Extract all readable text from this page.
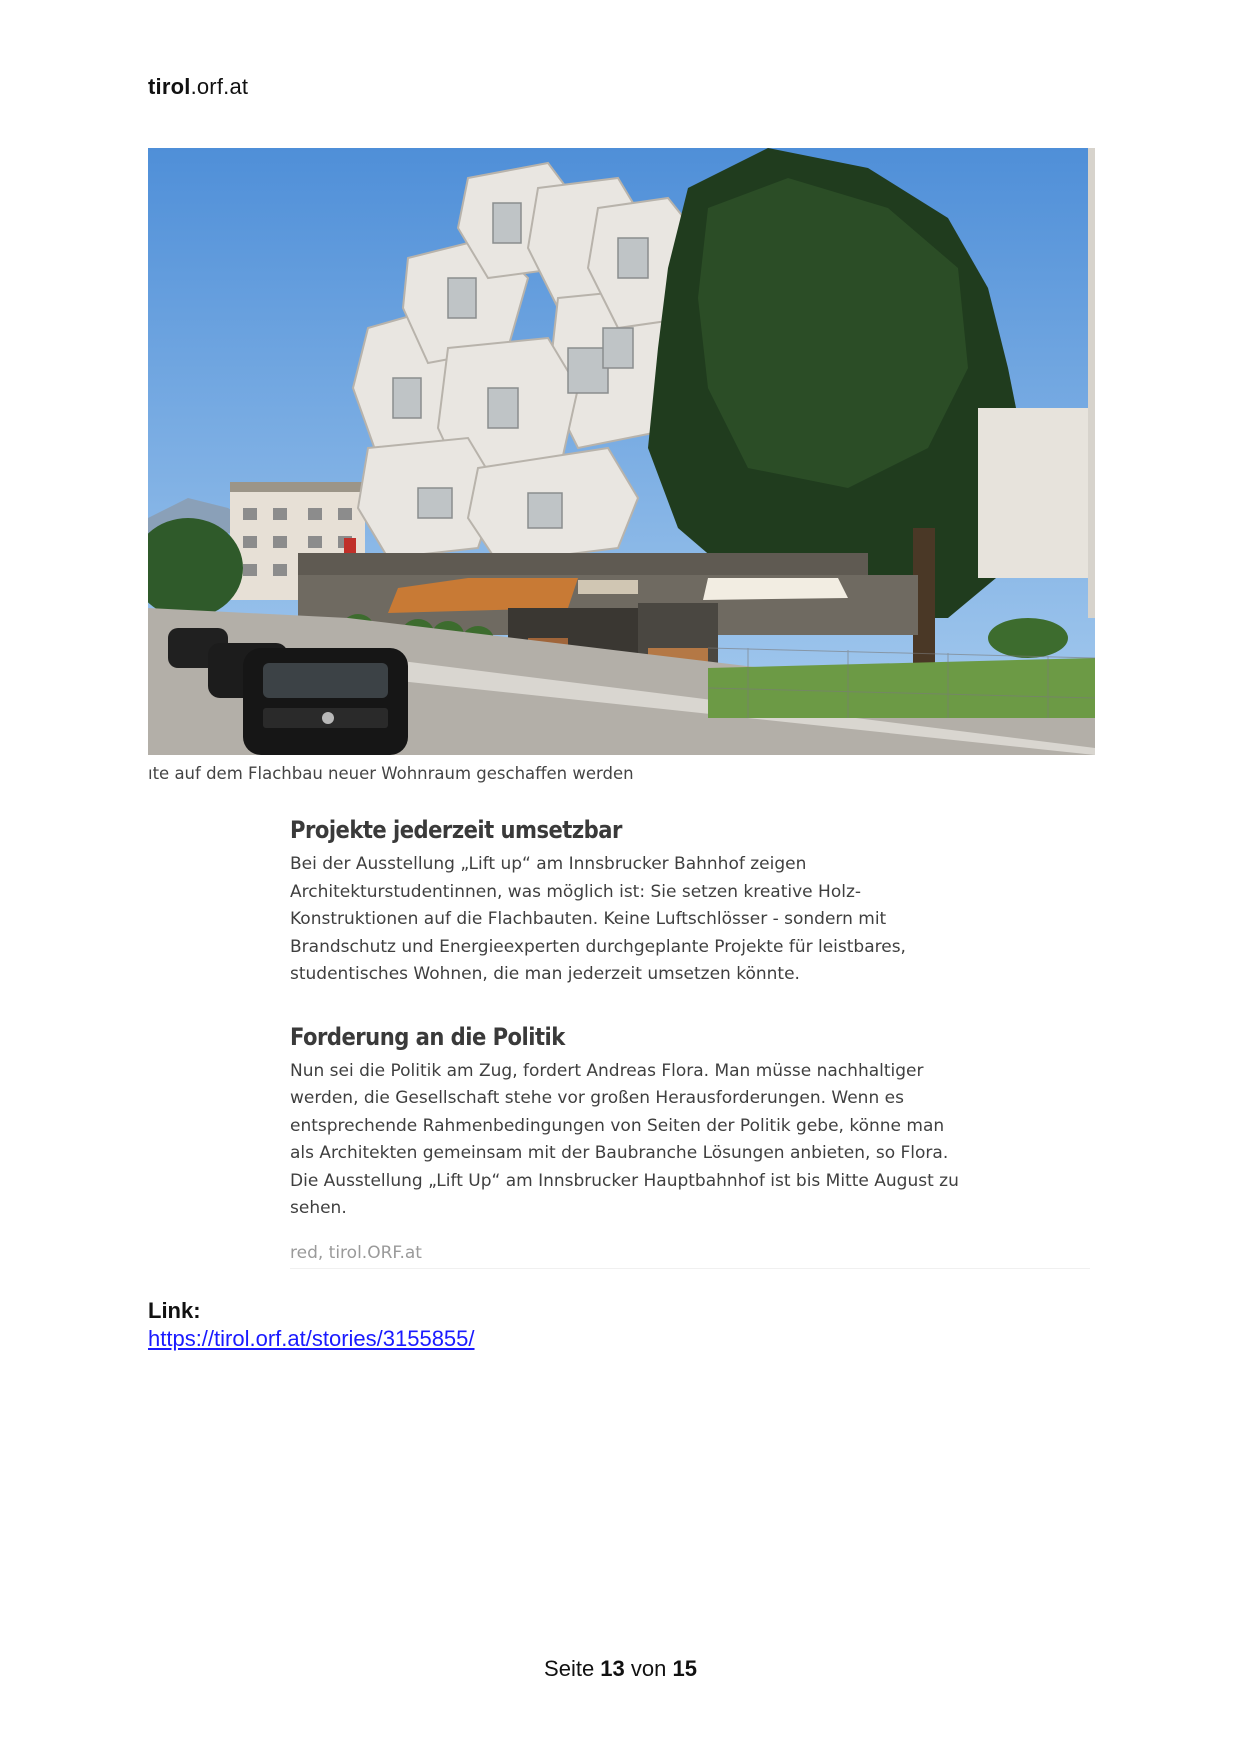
tirol.orf.at
ıte auf dem Flachbau neuer Wohnraum geschaffen werden
Projekte jederzeit umsetzbar

Bei der Ausstellung „Lift up“ am Innsbrucker Bahnhof zeigen Architekturstudentinnen, was möglich ist: Sie setzen kreative Holz-Konstruktionen auf die Flachbauten. Keine Luftschlösser - sondern mit Brandschutz und Energieexperten durchgeplante Projekte für leistbares, studentisches Wohnen, die man jederzeit umsetzen könnte.

Forderung an die Politik

Nun sei die Politik am Zug, fordert Andreas Flora. Man müsse nachhaltiger werden, die Gesellschaft stehe vor großen Herausforderungen. Wenn es entsprechende Rahmenbedingungen von Seiten der Politik gebe, könne man als Architekten gemeinsam mit der Baubranche Lösungen anbieten, so Flora. Die Ausstellung „Lift Up“ am Innsbrucker Hauptbahnhof ist bis Mitte August zu sehen.

red, tirol.ORF.at
Link:
https://tirol.orf.at/stories/3155855/
Seite 13 von 15
